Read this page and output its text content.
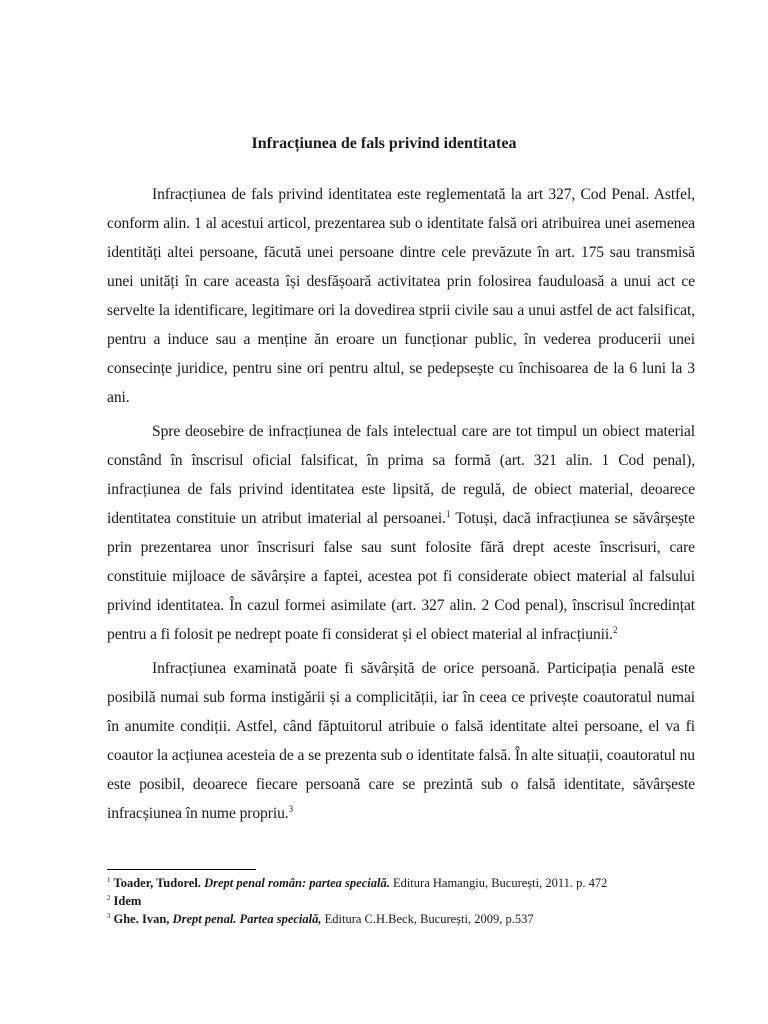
Infracțiunea de fals privind identitatea

Infracțiunea de fals privind identitatea este reglementată la art 327, Cod Penal. Astfel, conform alin. 1 al acestui articol, prezentarea sub o identitate falsă ori atribuirea unei asemenea identități altei persoane, făcută unei persoane dintre cele prevăzute în art. 175 sau transmisă unei unități în care aceasta își desfășoară activitatea prin folosirea fauduloasă a unui act ce servelte la identificare, legitimare ori la dovedirea stprii civile sau a unui astfel de act falsificat, pentru a induce sau a menține ăn eroare un funcționar public, în vederea producerii unei consecințe juridice, pentru sine ori pentru altul, se pedepsește cu închisoarea de la 6 luni la 3 ani.

Spre deosebire de infracțiunea de fals intelectual care are tot timpul un obiect material constând în înscrisul oficial falsificat, în prima sa formă (art. 321 alin. 1 Cod penal), infracțiunea de fals privind identitatea este lipsită, de regulă, de obiect material, deoarece identitatea constituie un atribut imaterial al persoanei.$^1$ Totuși, dacă infracțiunea se săvârșește prin prezentarea unor înscrisuri false sau sunt folosite fără drept aceste înscrisuri, care constituie mijloace de săvârșire a faptei, acestea pot fi considerate obiect material al falsului privind identitatea. În cazul formei asimilate (art. 327 alin. 2 Cod penal), înscrisul încredințat pentru a fi folosit pe nedrept poate fi considerat și el obiect material al infracțiunii.$^2$

Infracțiunea examinată poate fi săvârșită de orice persoană. Participația penală este posibilă numai sub forma instigării și a complicității, iar în ceea ce privește coautoratul numai în anumite condiții. Astfel, când făptuitorul atribuie o falsă identitate altei persoane, el va fi coautor la acțiunea acesteia de a se prezenta sub o identitate falsă. În alte situații, coautoratul nu este posibil, deoarece fiecare persoană care se prezintă sub o falsă identitate, săvârșeste infracșiunea în nume propriu.$^3$

$^1$ Toader, Tudorel. Drept penal român: partea specială. Editura Hamangiu, București, 2011. p. 472

$^2$ Idem

$^3$ Ghe. Ivan, Drept penal. Partea specială, Editura C.H.Beck, București, 2009, p.537
